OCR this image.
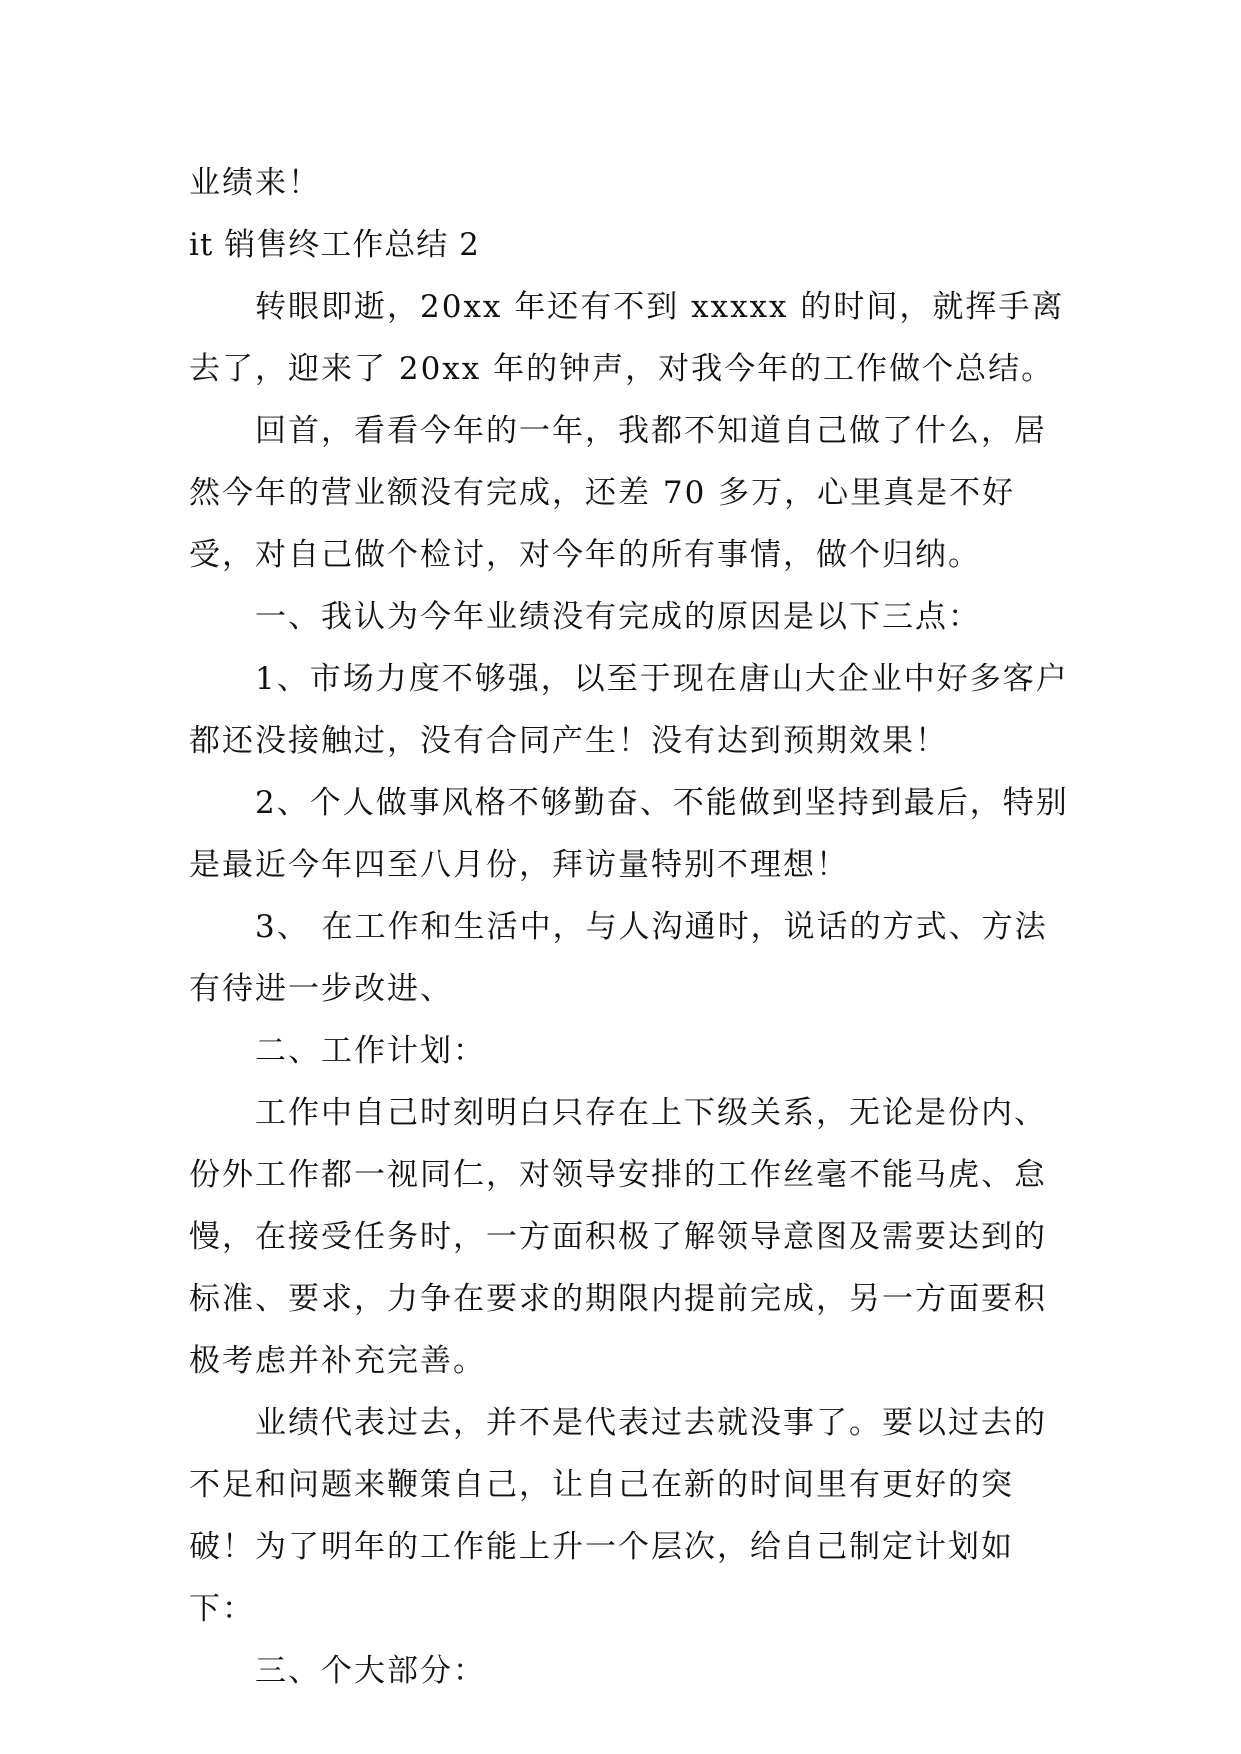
业绩来！

it 销售终工作总结 2

转眼即逝，20xx 年还有不到 xxxxx 的时间，就挥手离去了，迎来了 20xx 年的钟声，对我今年的工作做个总结。

回首，看看今年的一年，我都不知道自己做了什么，居然今年的营业额没有完成，还差 70 多万，心里真是不好受，对自己做个检讨，对今年的所有事情，做个归纳。

一、我认为今年业绩没有完成的原因是以下三点：

1、市场力度不够强，以至于现在唐山大企业中好多客户都还没接触过，没有合同产生！没有达到预期效果！

2、个人做事风格不够勤奋、不能做到坚持到最后，特别是最近今年四至八月份，拜访量特别不理想！

3、 在工作和生活中，与人沟通时，说话的方式、方法有待进一步改进、

二、工作计划：

工作中自己时刻明白只存在上下级关系，无论是份内、份外工作都一视同仁，对领导安排的工作丝毫不能马虎、怠慢，在接受任务时，一方面积极了解领导意图及需要达到的标准、要求，力争在要求的期限内提前完成，另一方面要积极考虑并补充完善。

业绩代表过去，并不是代表过去就没事了。要以过去的不足和问题来鞭策自己，让自己在新的时间里有更好的突破！为了明年的工作能上升一个层次，给自己制定计划如下：

三、个大部分：
